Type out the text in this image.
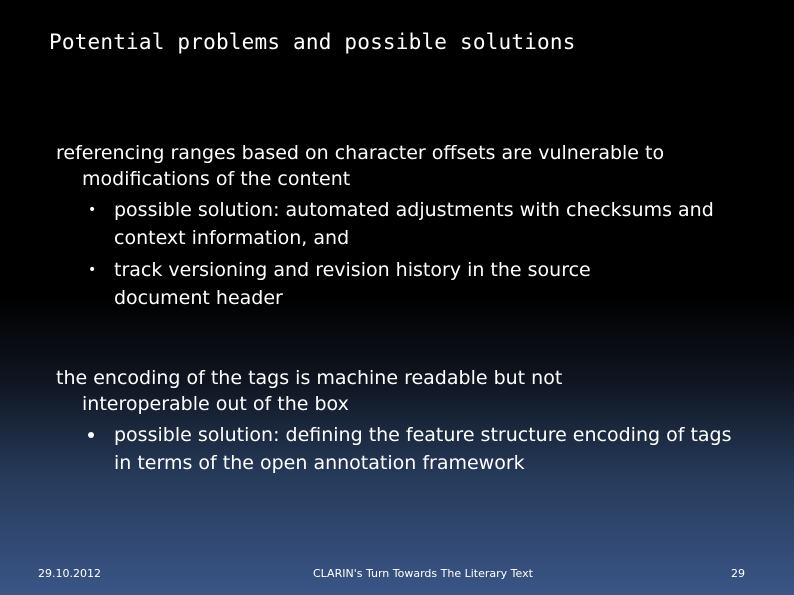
Potential problems and possible solutions

referencing ranges based on character offsets are vulnerable to
modifications of the content

• possible solution: automated adjustments with checksums and context information, and
• track versioning and revision history in the source document header

the encoding of the tags is machine readable but not
interoperable out of the box

possible solution: defining the feature structure encoding of tags in terms of the open annotation framework
29.10.2012	CLARIN's Turn Towards The Literary Text	29
